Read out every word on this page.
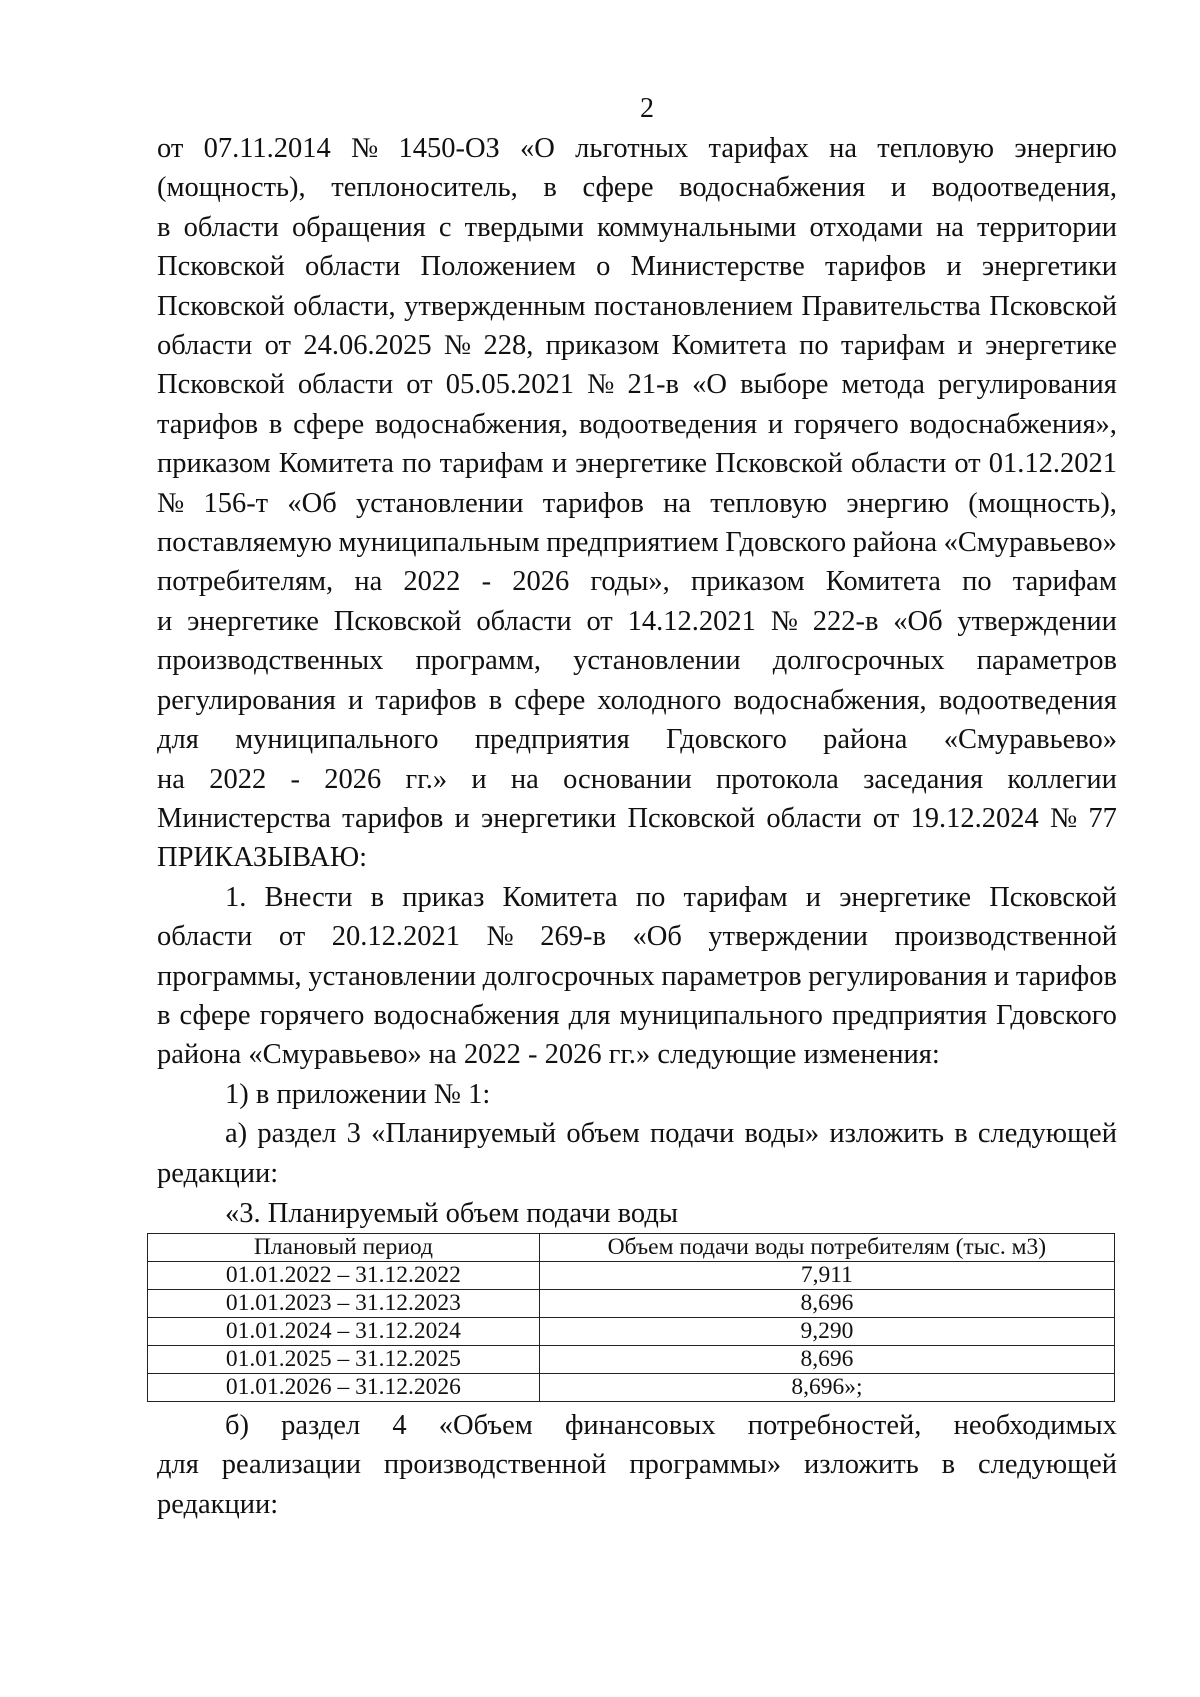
2
от 07.11.2014 № 1450-ОЗ «О льготных тарифах на тепловую энергию
(мощность), теплоноситель, в сфере водоснабжения и водоотведения,
в области обращения с твердыми коммунальными отходами на территории
Псковской области Положением о Министерстве тарифов и энергетики
Псковской области, утвержденным постановлением Правительства Псковской
области от 24.06.2025 № 228, приказом Комитета по тарифам и энергетике
Псковской области от 05.05.2021 № 21-в «О выборе метода регулирования
тарифов в сфере водоснабжения, водоотведения и горячего водоснабжения»,
приказом Комитета по тарифам и энергетике Псковской области от 01.12.2021
№ 156-т «Об установлении тарифов на тепловую энергию (мощность),
поставляемую муниципальным предприятием Гдовского района «Смуравьево»
потребителям, на 2022 - 2026 годы», приказом Комитета по тарифам
и энергетике Псковской области от 14.12.2021 № 222-в «Об утверждении
производственных программ, установлении долгосрочных параметров
регулирования и тарифов в сфере холодного водоснабжения, водоотведения
для муниципального предприятия Гдовского района «Смуравьево»
на 2022 - 2026 гг.» и на основании протокола заседания коллегии
Министерства тарифов и энергетики Псковской области от 19.12.2024 № 77
ПРИКАЗЫВАЮ:
1. Внести в приказ Комитета по тарифам и энергетике Псковской
области от 20.12.2021 № 269-в «Об утверждении производственной
программы, установлении долгосрочных параметров регулирования и тарифов
в сфере горячего водоснабжения для муниципального предприятия Гдовского
района «Смуравьево» на 2022 - 2026 гг.» следующие изменения:
1) в приложении № 1:
а) раздел 3 «Планируемый объем подачи воды» изложить в следующей
редакции:
«3. Планируемый объем подачи воды
Плановый период	Объем подачи воды потребителям (тыс. м3)
01.01.2022 – 31.12.2022	7,911
01.01.2023 – 31.12.2023	8,696
01.01.2024 – 31.12.2024	9,290
01.01.2025 – 31.12.2025	8,696
01.01.2026 – 31.12.2026	8,696»;
б) раздел 4 «Объем финансовых потребностей, необходимых
для реализации производственной программы» изложить в следующей
редакции:
